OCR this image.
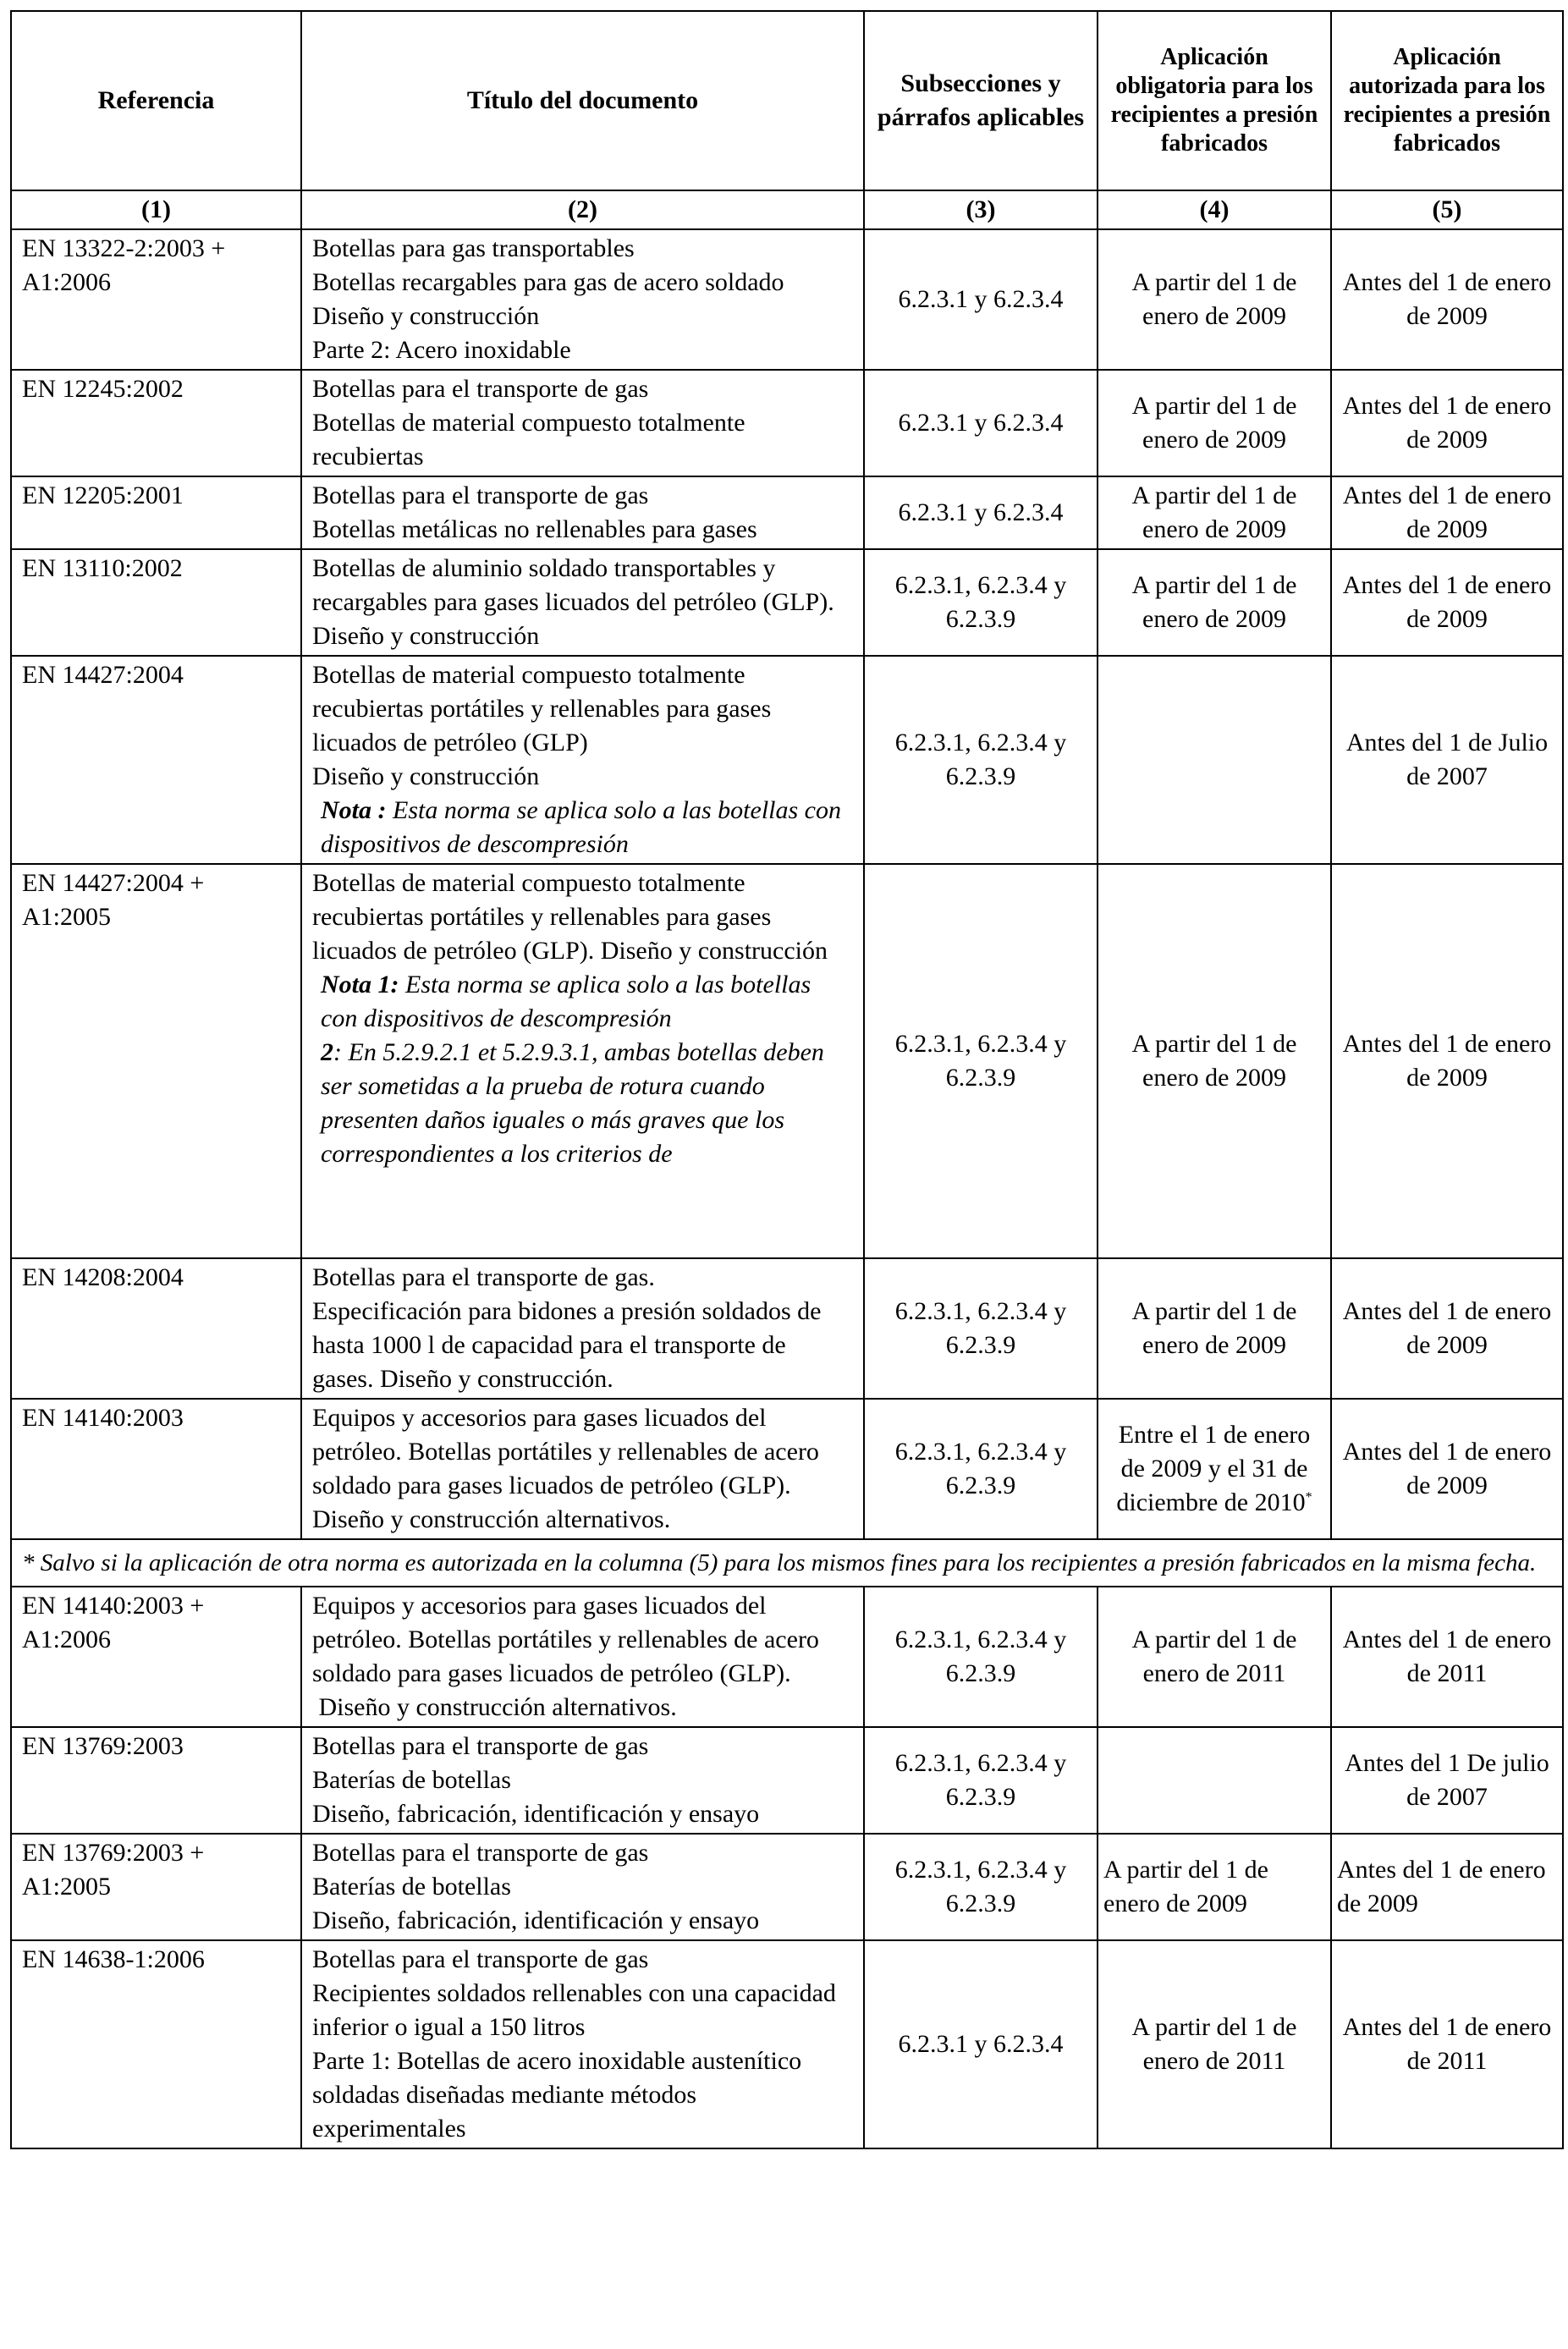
Referencia	Título del documento	Subsecciones y párrafos aplicables	Aplicación obligatoria para los recipientes a presión fabricados	Aplicación autorizada para los recipientes a presión fabricados
(1)	(2)	(3)	(4)	(5)
EN 13322-2:2003 + A1:2006	Botellas para gas transportables
Botellas recargables para gas de acero soldado
Diseño y construcción
Parte 2: Acero inoxidable	6.2.3.1 y 6.2.3.4	A partir del 1 de enero de 2009	Antes del 1 de enero de 2009
EN 12245:2002	Botellas para el transporte de gas
Botellas de material compuesto totalmente recubiertas	6.2.3.1 y 6.2.3.4	A partir del 1 de enero de 2009	Antes del 1 de enero de 2009
EN 12205:2001	Botellas para el transporte de gas
Botellas metálicas no rellenables para gases	6.2.3.1 y 6.2.3.4	A partir del 1 de enero de 2009	Antes del 1 de enero de 2009
EN 13110:2002	Botellas de aluminio soldado transportables y recargables para gases licuados del petróleo (GLP). Diseño y construcción	6.2.3.1, 6.2.3.4 y 6.2.3.9	A partir del 1 de enero de 2009	Antes del 1 de enero de 2009
EN 14427:2004	Botellas de material compuesto totalmente recubiertas portátiles y rellenables para gases licuados de petróleo (GLP)
Diseño y construcción
Nota : Esta norma se aplica solo a las botellas con dispositivos de descompresión	6.2.3.1, 6.2.3.4 y 6.2.3.9		Antes del 1 de Julio de 2007
EN 14427:2004 + A1:2005	Botellas de material compuesto totalmente recubiertas portátiles y rellenables para gases licuados de petróleo (GLP). Diseño y construcción
Nota 1: Esta norma se aplica solo a las botellas con dispositivos de descompresión
2: En 5.2.9.2.1 et 5.2.9.3.1, ambas botellas deben ser sometidas a la prueba de rotura cuando presenten daños iguales o más graves que los correspondientes a los criterios de	6.2.3.1, 6.2.3.4 y 6.2.3.9	A partir del 1 de enero de 2009	Antes del 1 de enero de 2009
EN 14208:2004	Botellas para el transporte de gas.
Especificación para bidones a presión soldados de hasta 1000 l de capacidad para el transporte de gases. Diseño y construcción.	6.2.3.1, 6.2.3.4 y 6.2.3.9	A partir del 1 de enero de 2009	Antes del 1 de enero de 2009
EN 14140:2003	Equipos y accesorios para gases licuados del petróleo. Botellas portátiles y rellenables de acero soldado para gases licuados de petróleo (GLP).
Diseño y construcción alternativos.	6.2.3.1, 6.2.3.4 y 6.2.3.9	Entre el 1 de enero de 2009 y el 31 de diciembre de 2010*	Antes del 1 de enero de 2009
* Salvo si la aplicación de otra norma es autorizada en la columna (5) para los mismos fines para los recipientes a presión fabricados en la misma fecha.				
EN 14140:2003 + A1:2006	Equipos y accesorios para gases licuados del petróleo. Botellas portátiles y rellenables de acero soldado para gases licuados de petróleo (GLP).
Diseño y construcción alternativos.	6.2.3.1, 6.2.3.4 y 6.2.3.9	A partir del 1 de enero de 2011	Antes del 1 de enero de 2011
EN 13769:2003	Botellas para el transporte de gas
Baterías de botellas
Diseño, fabricación, identificación y ensayo	6.2.3.1, 6.2.3.4 y 6.2.3.9		Antes del 1 De julio de 2007
EN 13769:2003 + A1:2005	Botellas para el transporte de gas
Baterías de botellas
Diseño, fabricación, identificación y ensayo	6.2.3.1, 6.2.3.4 y 6.2.3.9	A partir del 1 de enero de 2009	Antes del 1 de enero de 2009
EN 14638-1:2006	Botellas para el transporte de gas
Recipientes soldados rellenables con una capacidad inferior o igual a 150 litros
Parte 1: Botellas de acero inoxidable austenítico soldadas diseñadas mediante métodos experimentales	6.2.3.1 y 6.2.3.4	A partir del 1 de enero de 2011	Antes del 1 de enero de 2011
